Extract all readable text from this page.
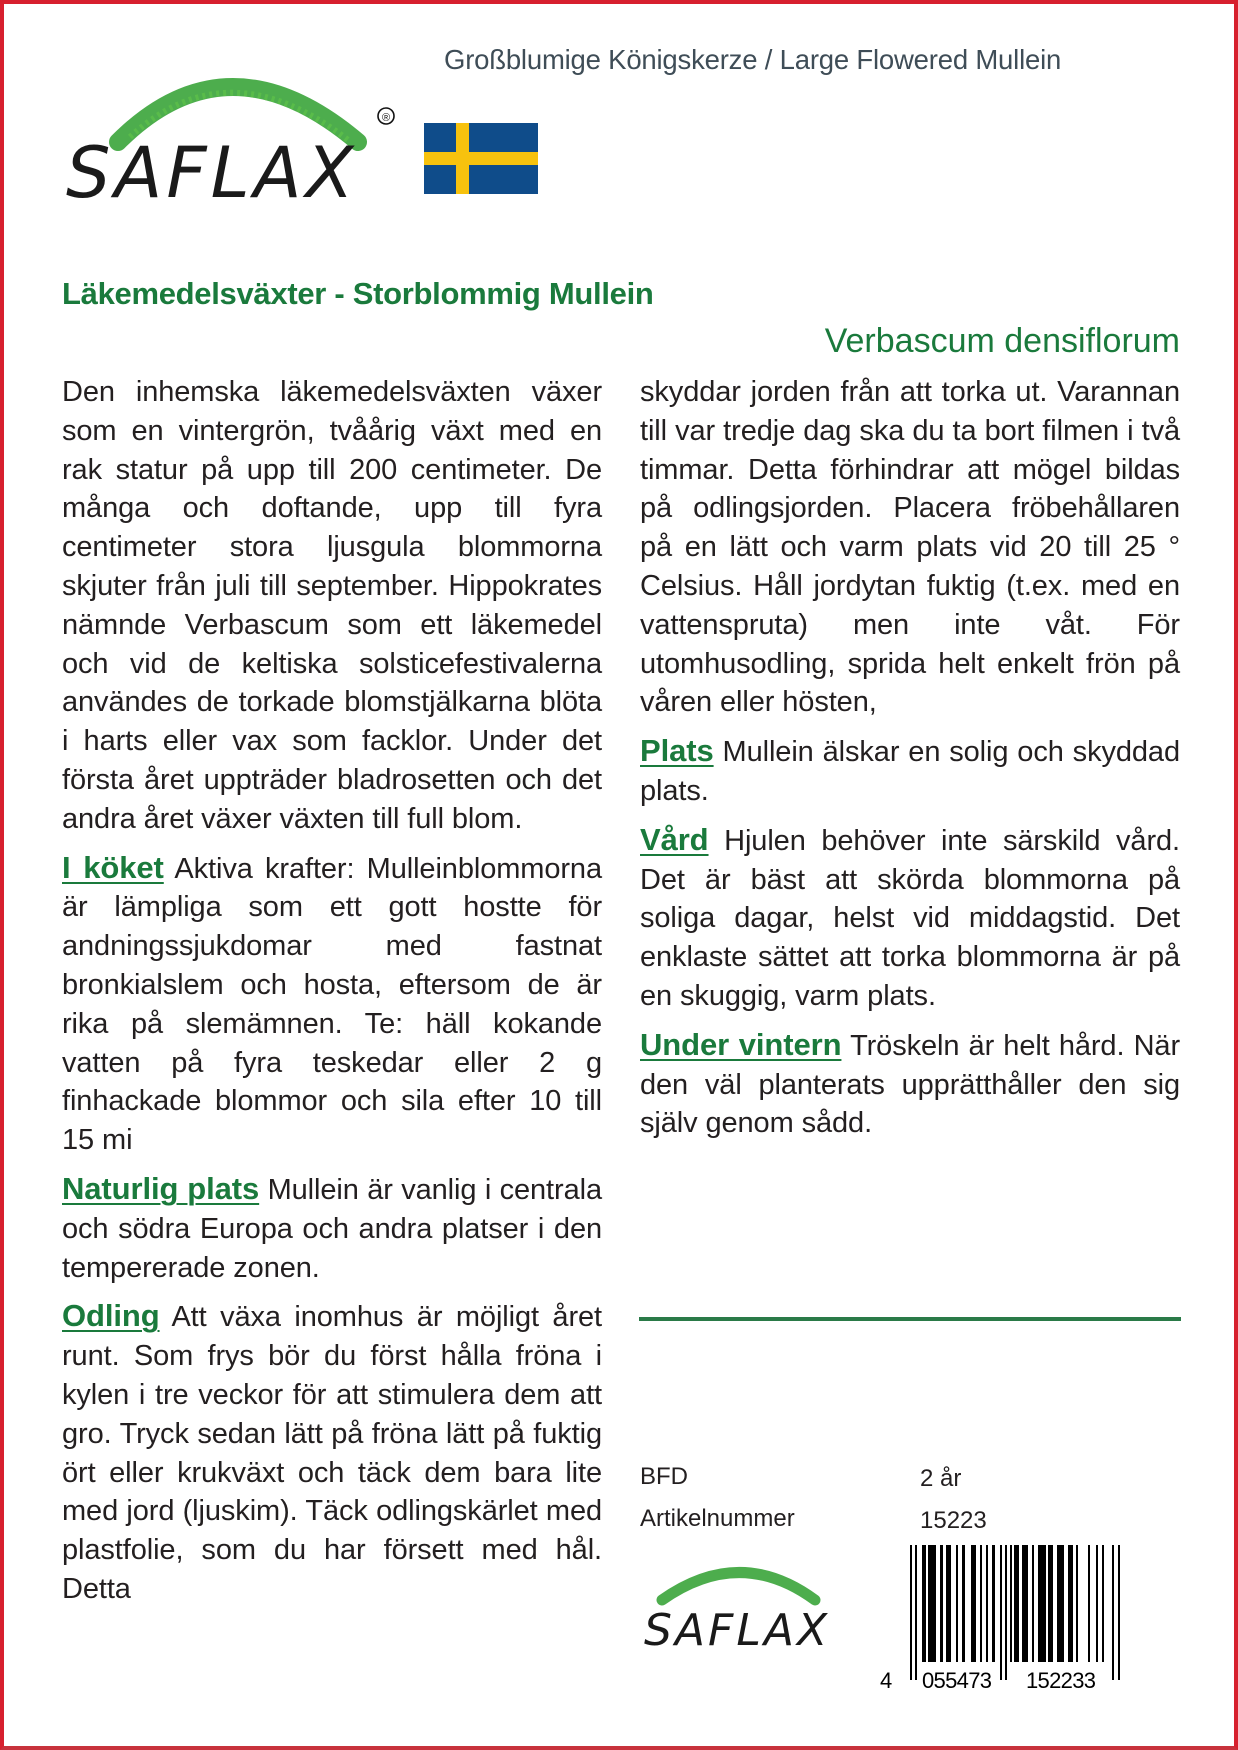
Großblumige Königskerze / Large Flowered Mullein
®
SAFLAX
Läkemedelsväxter - Storblommig Mullein
Verbascum densiflorum

Den inhemska läkemedelsväxten växer som en vintergrön, tvåårig växt med en rak statur på upp till 200 centimeter. De många och doftande, upp till fyra centimeter stora ljusgula blommorna skjuter från juli till september. Hippokrates nämnde Verbascum som ett läkemedel och vid de keltiska solsticefestivalerna användes de torkade blomstjälkarna blöta i harts eller vax som facklor. Under det första året uppträder bladrosetten och det andra året växer växten till full blom.

I köket Aktiva krafter: Mulleinblommorna är lämpliga som ett gott hostte för andningssjukdomar med fastnat bronkialslem och hosta, eftersom de är rika på slemämnen. Te: häll kokande vatten på fyra teskedar eller 2 g finhackade blommor och sila efter 10 till 15 mi

Naturlig plats Mullein är vanlig i centrala och södra Europa och andra platser i den tempererade zonen.

Odling Att växa inomhus är möjligt året runt. Som frys bör du först hålla fröna i kylen i tre veckor för att stimulera dem att gro. Tryck sedan lätt på fröna lätt på fuktig ört eller krukväxt och täck dem bara lite med jord (ljuskim). Täck odlingskärlet med plastfolie, som du har försett med hål. Detta

skyddar jorden från att torka ut. Varannan till var tredje dag ska du ta bort filmen i två timmar. Detta förhindrar att mögel bildas på odlingsjorden. Placera fröbehållaren på en lätt och varm plats vid 20 till 25 ° Celsius. Håll jordytan fuktig (t.ex. med en vattenspruta) men inte våt. För utomhusodling, sprida helt enkelt frön på våren eller hösten,

Plats Mullein älskar en solig och skyddad plats.

Vård Hjulen behöver inte särskild vård. Det är bäst att skörda blommorna på soliga dagar, helst vid middagstid. Det enklaste sättet att torka blommorna är på en skuggig, varm plats.

Under vintern Tröskeln är helt hård. När den väl planterats upprätthåller den sig själv genom sådd.

BFD	2 år
Artikelnummer	15223
SAFLAX
4 055473 152233
